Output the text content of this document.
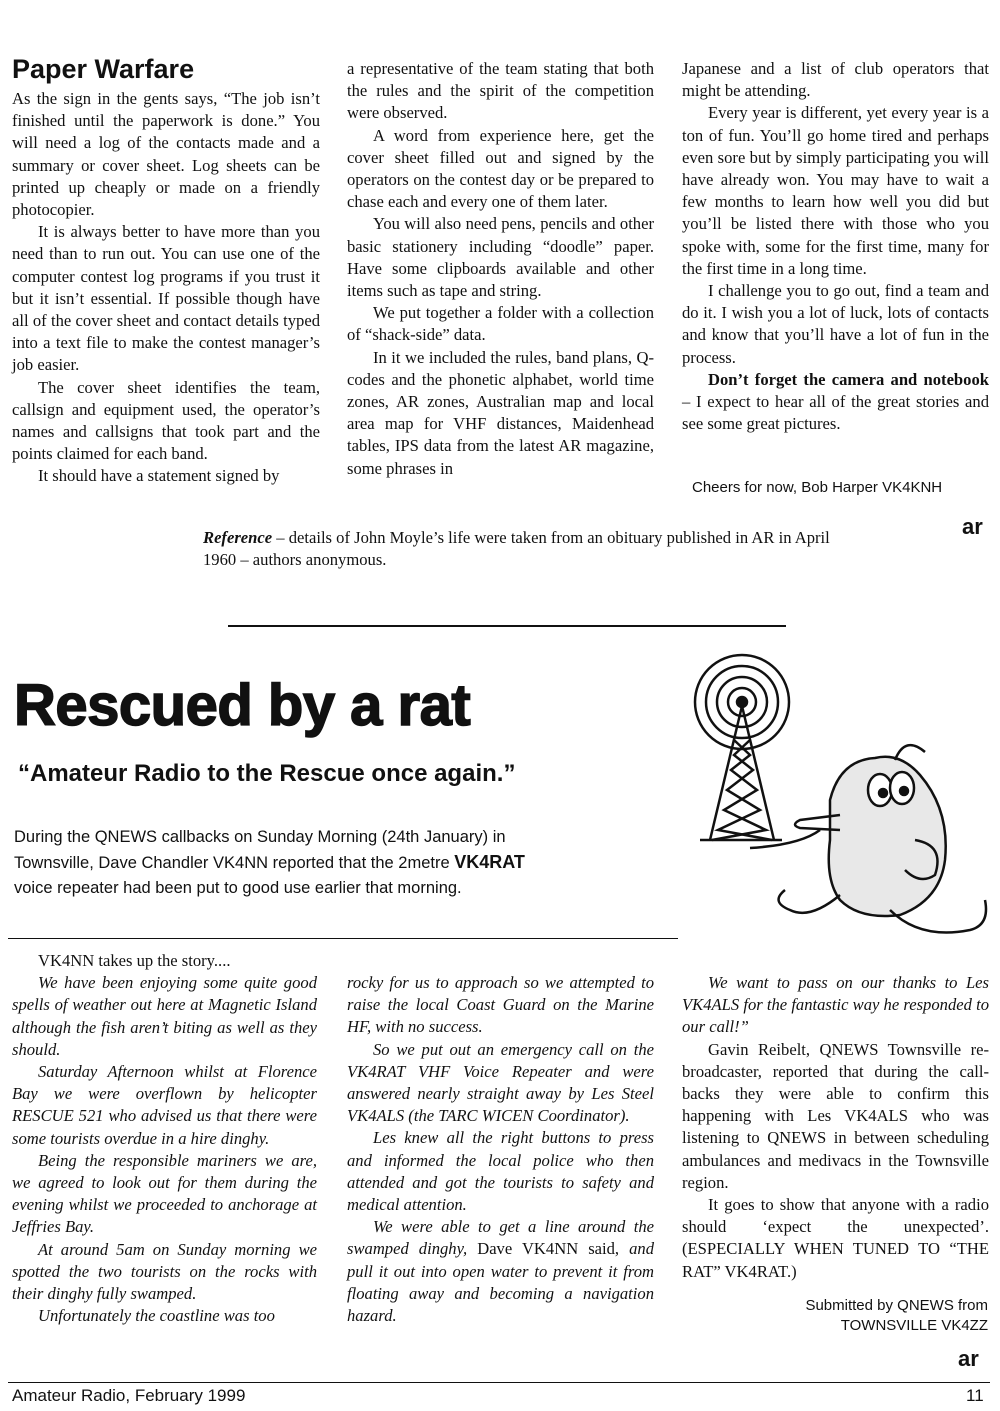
Paper Warfare

As the sign in the gents says, “The job isn’t finished until the paperwork is done.” You will need a log of the contacts made and a summary or cover sheet. Log sheets can be printed up cheaply or made on a friendly photocopier.

It is always better to have more than you need than to run out. You can use one of the computer contest log programs if you trust it but it isn’t essential. If possible though have all of the cover sheet and contact details typed into a text file to make the contest manager’s job easier.

The cover sheet identifies the team, callsign and equipment used, the operator’s names and callsigns that took part and the points claimed for each band.

It should have a statement signed by

a representative of the team stating that both the rules and the spirit of the competition were observed.

A word from experience here, get the cover sheet filled out and signed by the operators on the contest day or be prepared to chase each and every one of them later.

You will also need pens, pencils and other basic stationery including “doodle” paper. Have some clipboards available and other items such as tape and string.

We put together a folder with a collection of “shack-side” data.

In it we included the rules, band plans, Q-codes and the phonetic alphabet, world time zones, AR zones, Australian map and local area map for VHF distances, Maidenhead tables, IPS data from the latest AR magazine, some phrases in

Japanese and a list of club operators that might be attending.

Every year is different, yet every year is a ton of fun. You’ll go home tired and perhaps even sore but by simply participating you will have already won. You may have to wait a few months to learn how well you did but you’ll be listed there with those who you spoke with, some for the first time, many for the first time in a long time.

I challenge you to go out, find a team and do it. I wish you a lot of luck, lots of contacts and know that you’ll have a lot of fun in the process.

Don’t forget the camera and notebook – I expect to hear all of the great stories and see some great pictures.

Cheers for now, Bob Harper VK4KNH
ar
Reference – details of John Moyle’s life were taken from an obituary published in AR in April 1960 – authors anonymous.
Rescued by a rat
“Amateur Radio to the Rescue once again.”
During the QNEWS callbacks on Sunday Morning (24th January) in Townsville, Dave Chandler VK4NN reported that the 2metre VK4RAT voice repeater had been put to good use earlier that morning.

VK4NN takes up the story....

We have been enjoying some quite good spells of weather out here at Magnetic Island although the fish aren’t biting as well as they should.

Saturday Afternoon whilst at Florence Bay we were overflown by helicopter RESCUE 521 who advised us that there were some tourists overdue in a hire dinghy.

Being the responsible mariners we are, we agreed to look out for them during the evening whilst we proceeded to anchorage at Jeffries Bay.

At around 5am on Sunday morning we spotted the two tourists on the rocks with their dinghy fully swamped.

Unfortunately the coastline was too

rocky for us to approach so we attempted to raise the local Coast Guard on the Marine HF, with no success.

So we put out an emergency call on the VK4RAT VHF Voice Repeater and were answered nearly straight away by Les Steel VK4ALS (the TARC WICEN Coordinator).

Les knew all the right buttons to press and informed the local police who then attended and got the tourists to safety and medical attention.

We were able to get a line around the swamped dinghy, Dave VK4NN said, and pull it out into open water to prevent it from floating away and becoming a navigation hazard.

We want to pass on our thanks to Les VK4ALS for the fantastic way he responded to our call!”

Gavin Reibelt, QNEWS Townsville re-broadcaster, reported that during the call-backs they were able to confirm this happening with Les VK4ALS who was listening to QNEWS in between scheduling ambulances and medivacs in the Townsville region.

It goes to show that anyone with a radio should ‘expect the unexpected’. (ESPECIALLY WHEN TUNED TO “THE RAT” VK4RAT.)

Submitted by QNEWS from
TOWNSVILLE VK4ZZ
ar
Amateur Radio, February 1999	11
